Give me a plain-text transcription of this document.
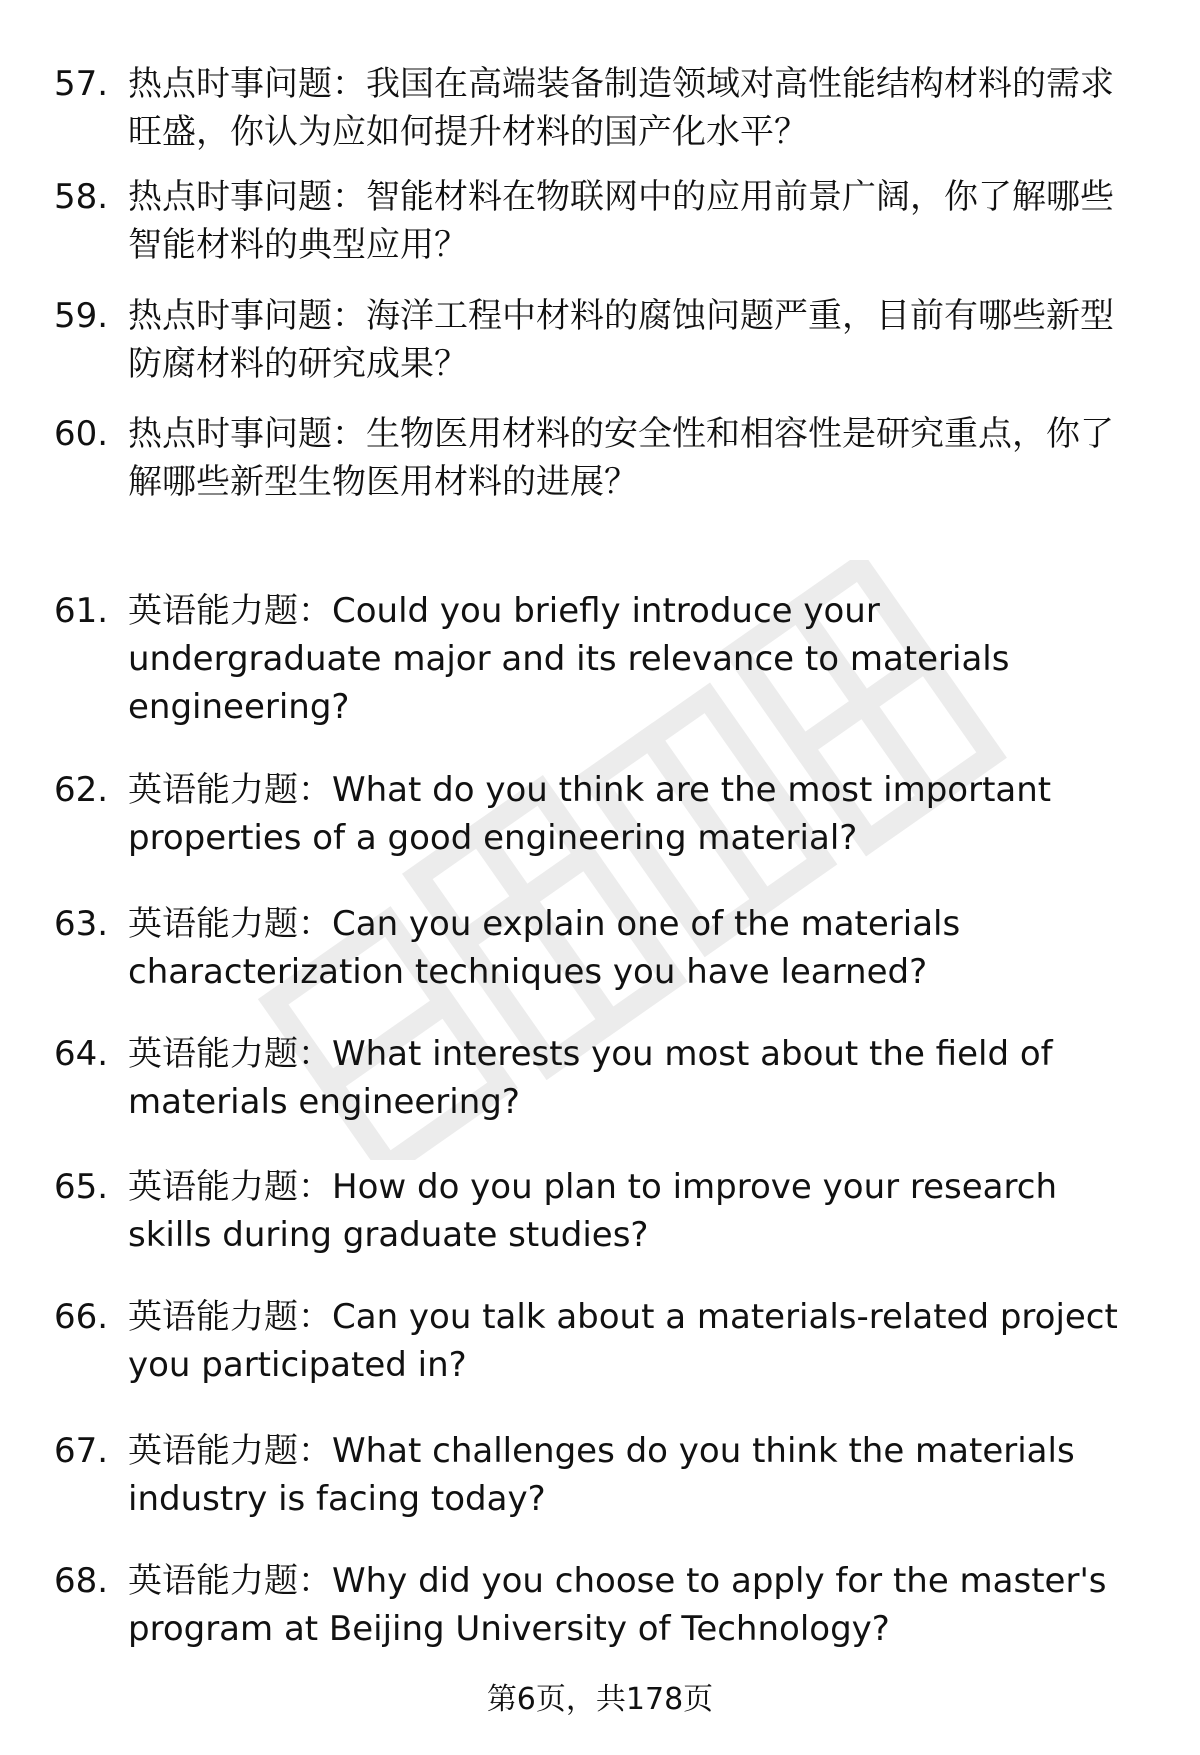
57. 热点时事问题：我国在高端装备制造领域对高性能结构材料的需求旺盛，你认为应如何提升材料的国产化水平？
58. 热点时事问题：智能材料在物联网中的应用前景广阔，你了解哪些智能材料的典型应用？
59. 热点时事问题：海洋工程中材料的腐蚀问题严重，目前有哪些新型防腐材料的研究成果？
60. 热点时事问题：生物医用材料的安全性和相容性是研究重点，你了解哪些新型生物医用材料的进展？
61. 英语能力题：Could you briefly introduce your undergraduate major and its relevance to materials engineering?
62. 英语能力题：What do you think are the most important properties of a good engineering material?
63. 英语能力题：Can you explain one of the materials characterization techniques you have learned?
64. 英语能力题：What interests you most about the field of materials engineering?
65. 英语能力题：How do you plan to improve your research skills during graduate studies?
66. 英语能力题：Can you talk about a materials-related project you participated in?
67. 英语能力题：What challenges do you think the materials industry is facing today?
68. 英语能力题：Why did you choose to apply for the master's program at Beijing University of Technology?
第6页，共178页
